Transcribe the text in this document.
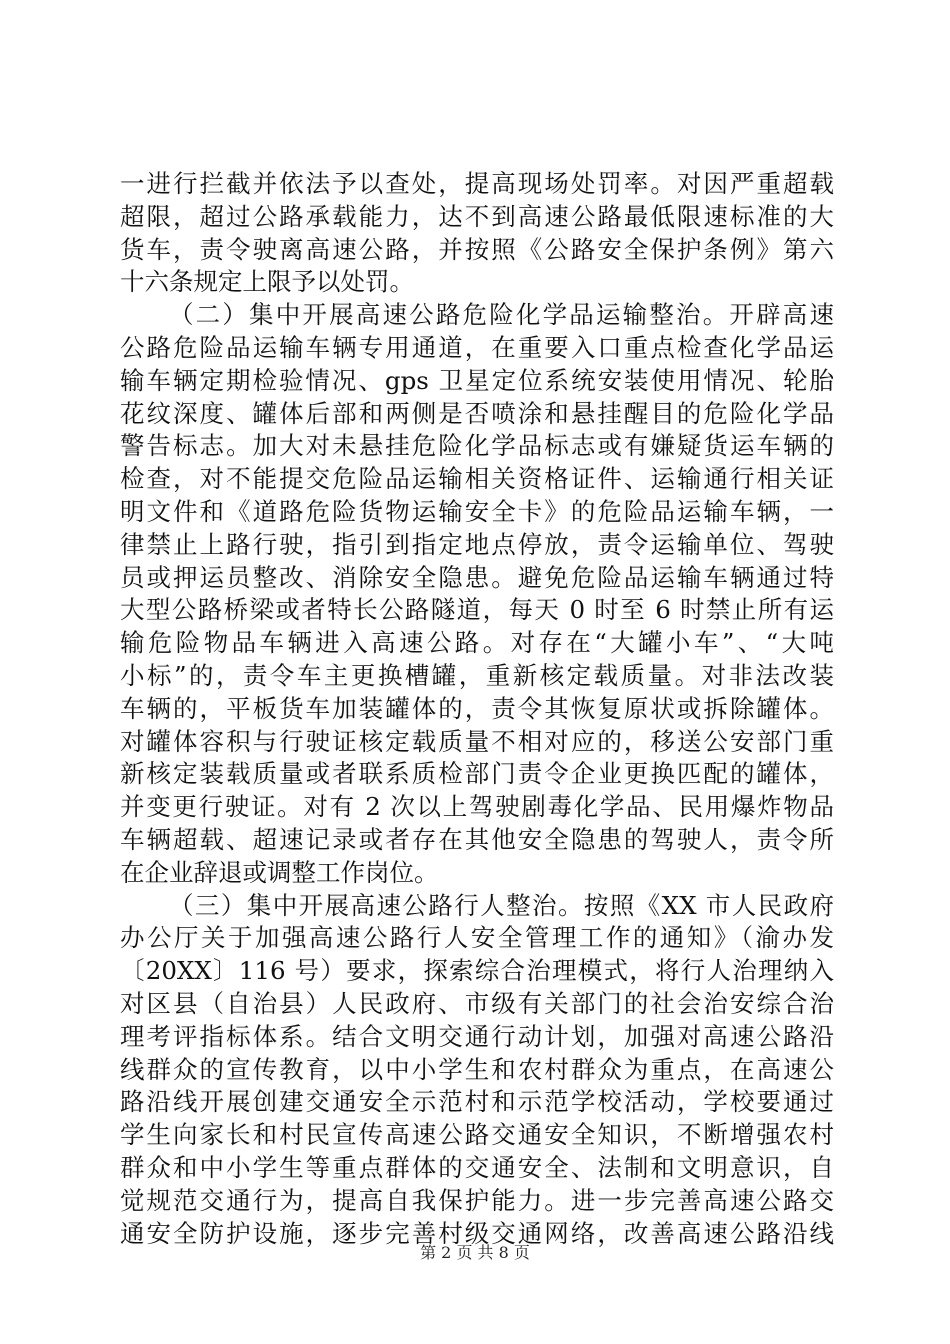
一进行拦截并依法予以查处，提高现场处罚率。对因严重超载
超限，超过公路承载能力，达不到高速公路最低限速标准的大
货车，责令驶离高速公路，并按照《公路安全保护条例》第六
十六条规定上限予以处罚。
（二）集中开展高速公路危险化学品运输整治。开辟高速
公路危险品运输车辆专用通道，在重要入口重点检查化学品运
输车辆定期检验情况、gps 卫星定位系统安装使用情况、轮胎
花纹深度、罐体后部和两侧是否喷涂和悬挂醒目的危险化学品
警告标志。加大对未悬挂危险化学品标志或有嫌疑货运车辆的
检查，对不能提交危险品运输相关资格证件、运输通行相关证
明文件和《道路危险货物运输安全卡》的危险品运输车辆，一
律禁止上路行驶，指引到指定地点停放，责令运输单位、驾驶
员或押运员整改、消除安全隐患。避免危险品运输车辆通过特
大型公路桥梁或者特长公路隧道，每天 0 时至 6 时禁止所有运
输危险物品车辆进入高速公路。对存在“大罐小车”、“大吨
小标”的，责令车主更换槽罐，重新核定载质量。对非法改装
车辆的，平板货车加装罐体的，责令其恢复原状或拆除罐体。
对罐体容积与行驶证核定载质量不相对应的，移送公安部门重
新核定装载质量或者联系质检部门责令企业更换匹配的罐体，
并变更行驶证。对有 2 次以上驾驶剧毒化学品、民用爆炸物品
车辆超载、超速记录或者存在其他安全隐患的驾驶人，责令所
在企业辞退或调整工作岗位。
（三）集中开展高速公路行人整治。按照《XX 市人民政府
办公厅关于加强高速公路行人安全管理工作的通知》（渝办发
〔20XX〕116 号）要求，探索综合治理模式，将行人治理纳入
对区县（自治县）人民政府、市级有关部门的社会治安综合治
理考评指标体系。结合文明交通行动计划，加强对高速公路沿
线群众的宣传教育，以中小学生和农村群众为重点，在高速公
路沿线开展创建交通安全示范村和示范学校活动，学校要通过
学生向家长和村民宣传高速公路交通安全知识，不断增强农村
群众和中小学生等重点群体的交通安全、法制和文明意识，自
觉规范交通行为，提高自我保护能力。进一步完善高速公路交
通安全防护设施，逐步完善村级交通网络，改善高速公路沿线
第 2 页 共 8 页
